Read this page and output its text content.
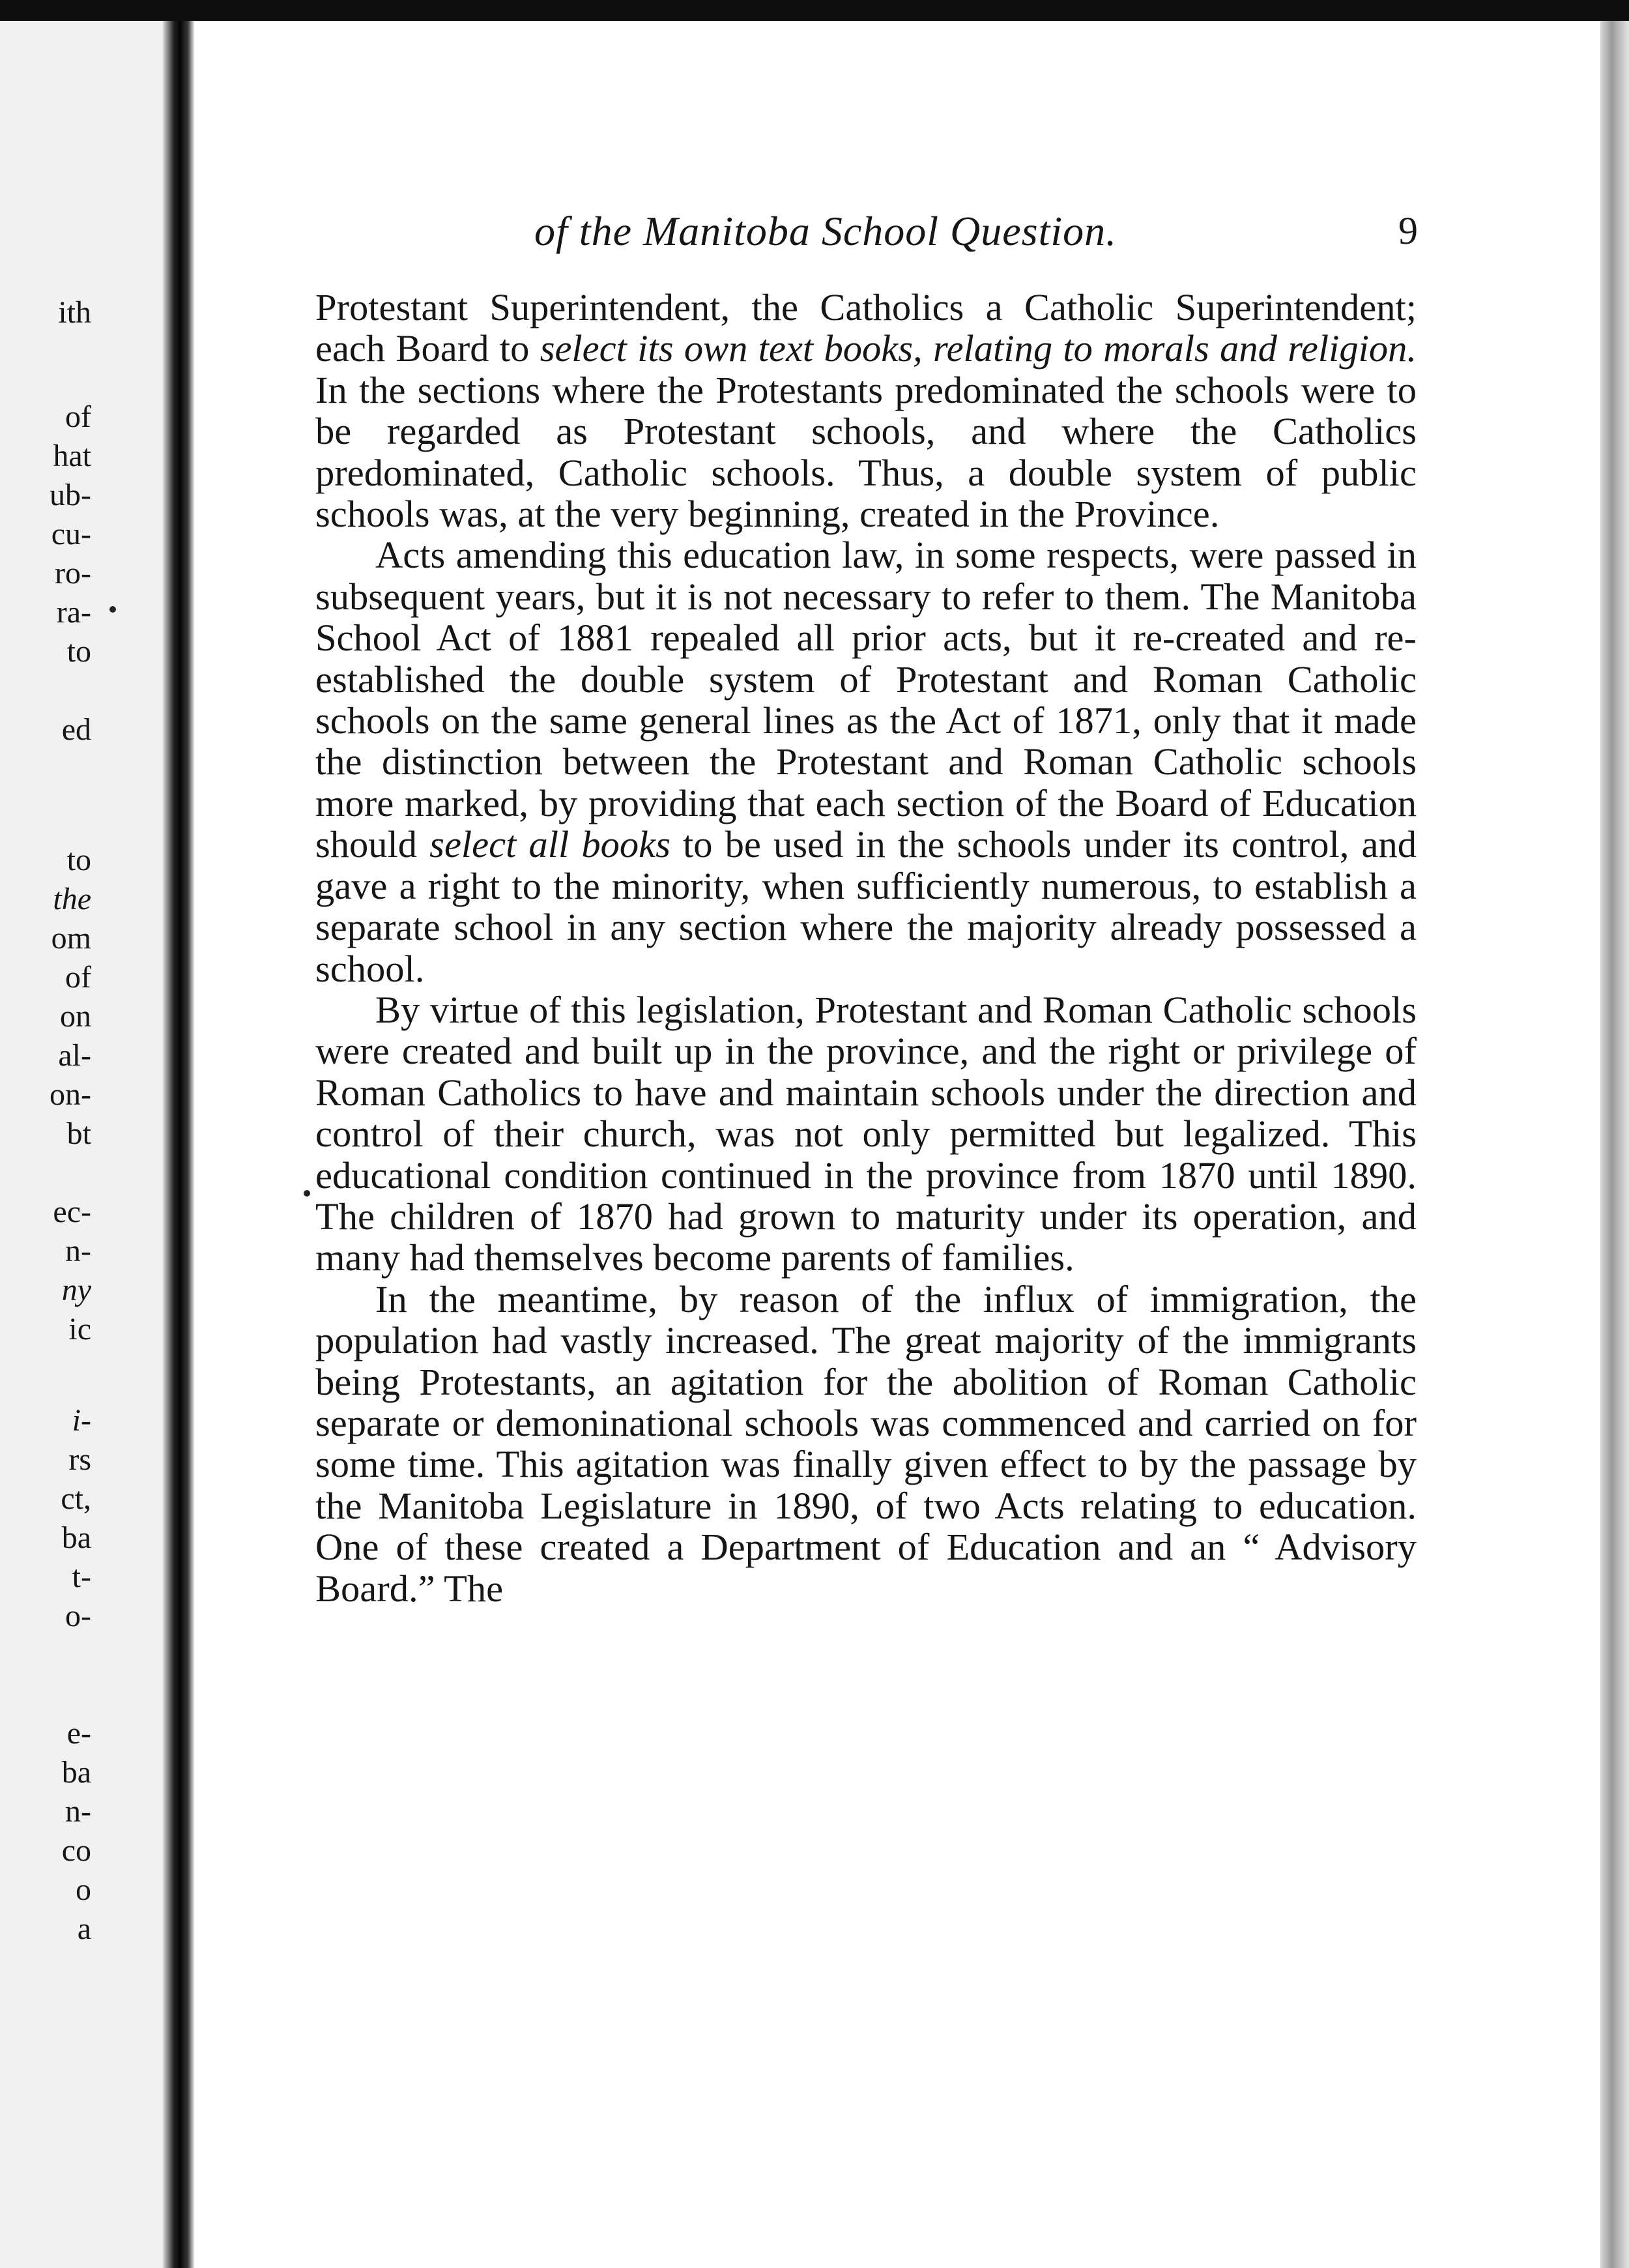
ith
of
hat
ub-
cu-
ro-
ra-
to
ed
to
the
om
of
on
al-
on-
bt
ec-
n-
ny
ic
i-
rs
ct,
ba
t-
o-
e-
ba
n-
co
o
a
of the Manitoba School Question.	9

Protestant Superintendent, the Catholics a Catholic Superintendent; each Board to select its own text books, relating to morals and religion. In the sections where the Protestants predominated the schools were to be regarded as Protestant schools, and where the Catholics predominated, Catholic schools. Thus, a double system of public schools was, at the very beginning, created in the Province.

Acts amending this education law, in some respects, were passed in subsequent years, but it is not necessary to refer to them. The Manitoba School Act of 1881 repealed all prior acts, but it re-created and re-established the double system of Protestant and Roman Catholic schools on the same general lines as the Act of 1871, only that it made the distinction between the Protestant and Roman Catholic schools more marked, by providing that each section of the Board of Education should select all books to be used in the schools under its control, and gave a right to the minority, when sufficiently numerous, to establish a separate school in any section where the majority already possessed a school.

By virtue of this legislation, Protestant and Roman Catholic schools were created and built up in the province, and the right or privilege of Roman Catholics to have and maintain schools under the direction and control of their church, was not only permitted but legalized. This educational condition continued in the province from 1870 until 1890. The children of 1870 had grown to maturity under its operation, and many had themselves become parents of families.

In the meantime, by reason of the influx of immigration, the population had vastly increased. The great majority of the immigrants being Protestants, an agitation for the abolition of Roman Catholic separate or demoninational schools was commenced and carried on for some time. This agitation was finally given effect to by the passage by the Manitoba Legislature in 1890, of two Acts relating to education. One of these created a Department of Education and an “ Advisory Board.” The
